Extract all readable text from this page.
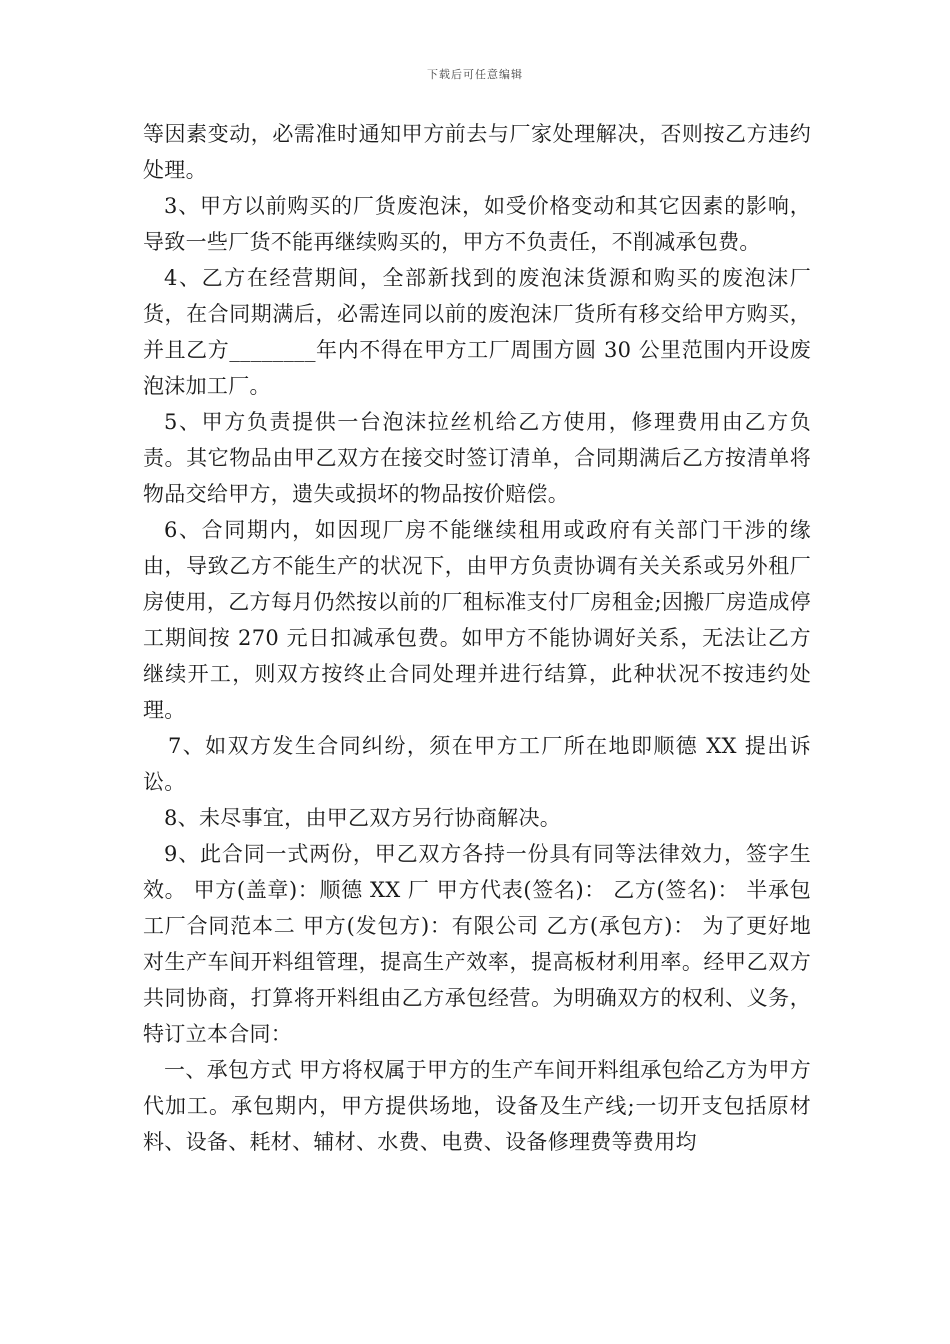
下载后可任意编辑

等因素变动，必需准时通知甲方前去与厂家处理解决，否则按乙方违约处理。

3、甲方以前购买的厂货废泡沫，如受价格变动和其它因素的影响，导致一些厂货不能再继续购买的，甲方不负责任，不削减承包费。

4、乙方在经营期间，全部新找到的废泡沫货源和购买的废泡沫厂货，在合同期满后，必需连同以前的废泡沫厂货所有移交给甲方购买，并且乙方________年内不得在甲方工厂周围方圆 30 公里范围内开设废泡沫加工厂。

5、甲方负责提供一台泡沫拉丝机给乙方使用，修理费用由乙方负责。其它物品由甲乙双方在接交时签订清单，合同期满后乙方按清单将物品交给甲方，遗失或损坏的物品按价赔偿。

6、合同期内，如因现厂房不能继续租用或政府有关部门干涉的缘由，导致乙方不能生产的状况下，由甲方负责协调有关关系或另外租厂房使用，乙方每月仍然按以前的厂租标准支付厂房租金;因搬厂房造成停工期间按 270 元日扣减承包费。如甲方不能协调好关系，无法让乙方继续开工，则双方按终止合同处理并进行结算，此种状况不按违约处理。

7、如双方发生合同纠纷，须在甲方工厂所在地即顺德 XX 提出诉讼。

8、未尽事宜，由甲乙双方另行协商解决。

9、此合同一式两份，甲乙双方各持一份具有同等法律效力，签字生效。 甲方(盖章)：顺德 XX 厂 甲方代表(签名)： 乙方(签名)： 半承包工厂合同范本二 甲方(发包方)：有限公司 乙方(承包方)： 为了更好地对生产车间开料组管理，提高生产效率，提高板材利用率。经甲乙双方共同协商，打算将开料组由乙方承包经营。为明确双方的权利、义务，特订立本合同：

一、承包方式 甲方将权属于甲方的生产车间开料组承包给乙方为甲方代加工。承包期内，甲方提供场地，设备及生产线;一切开支包括原材料、设备、耗材、辅材、水费、电费、设备修理费等费用均
